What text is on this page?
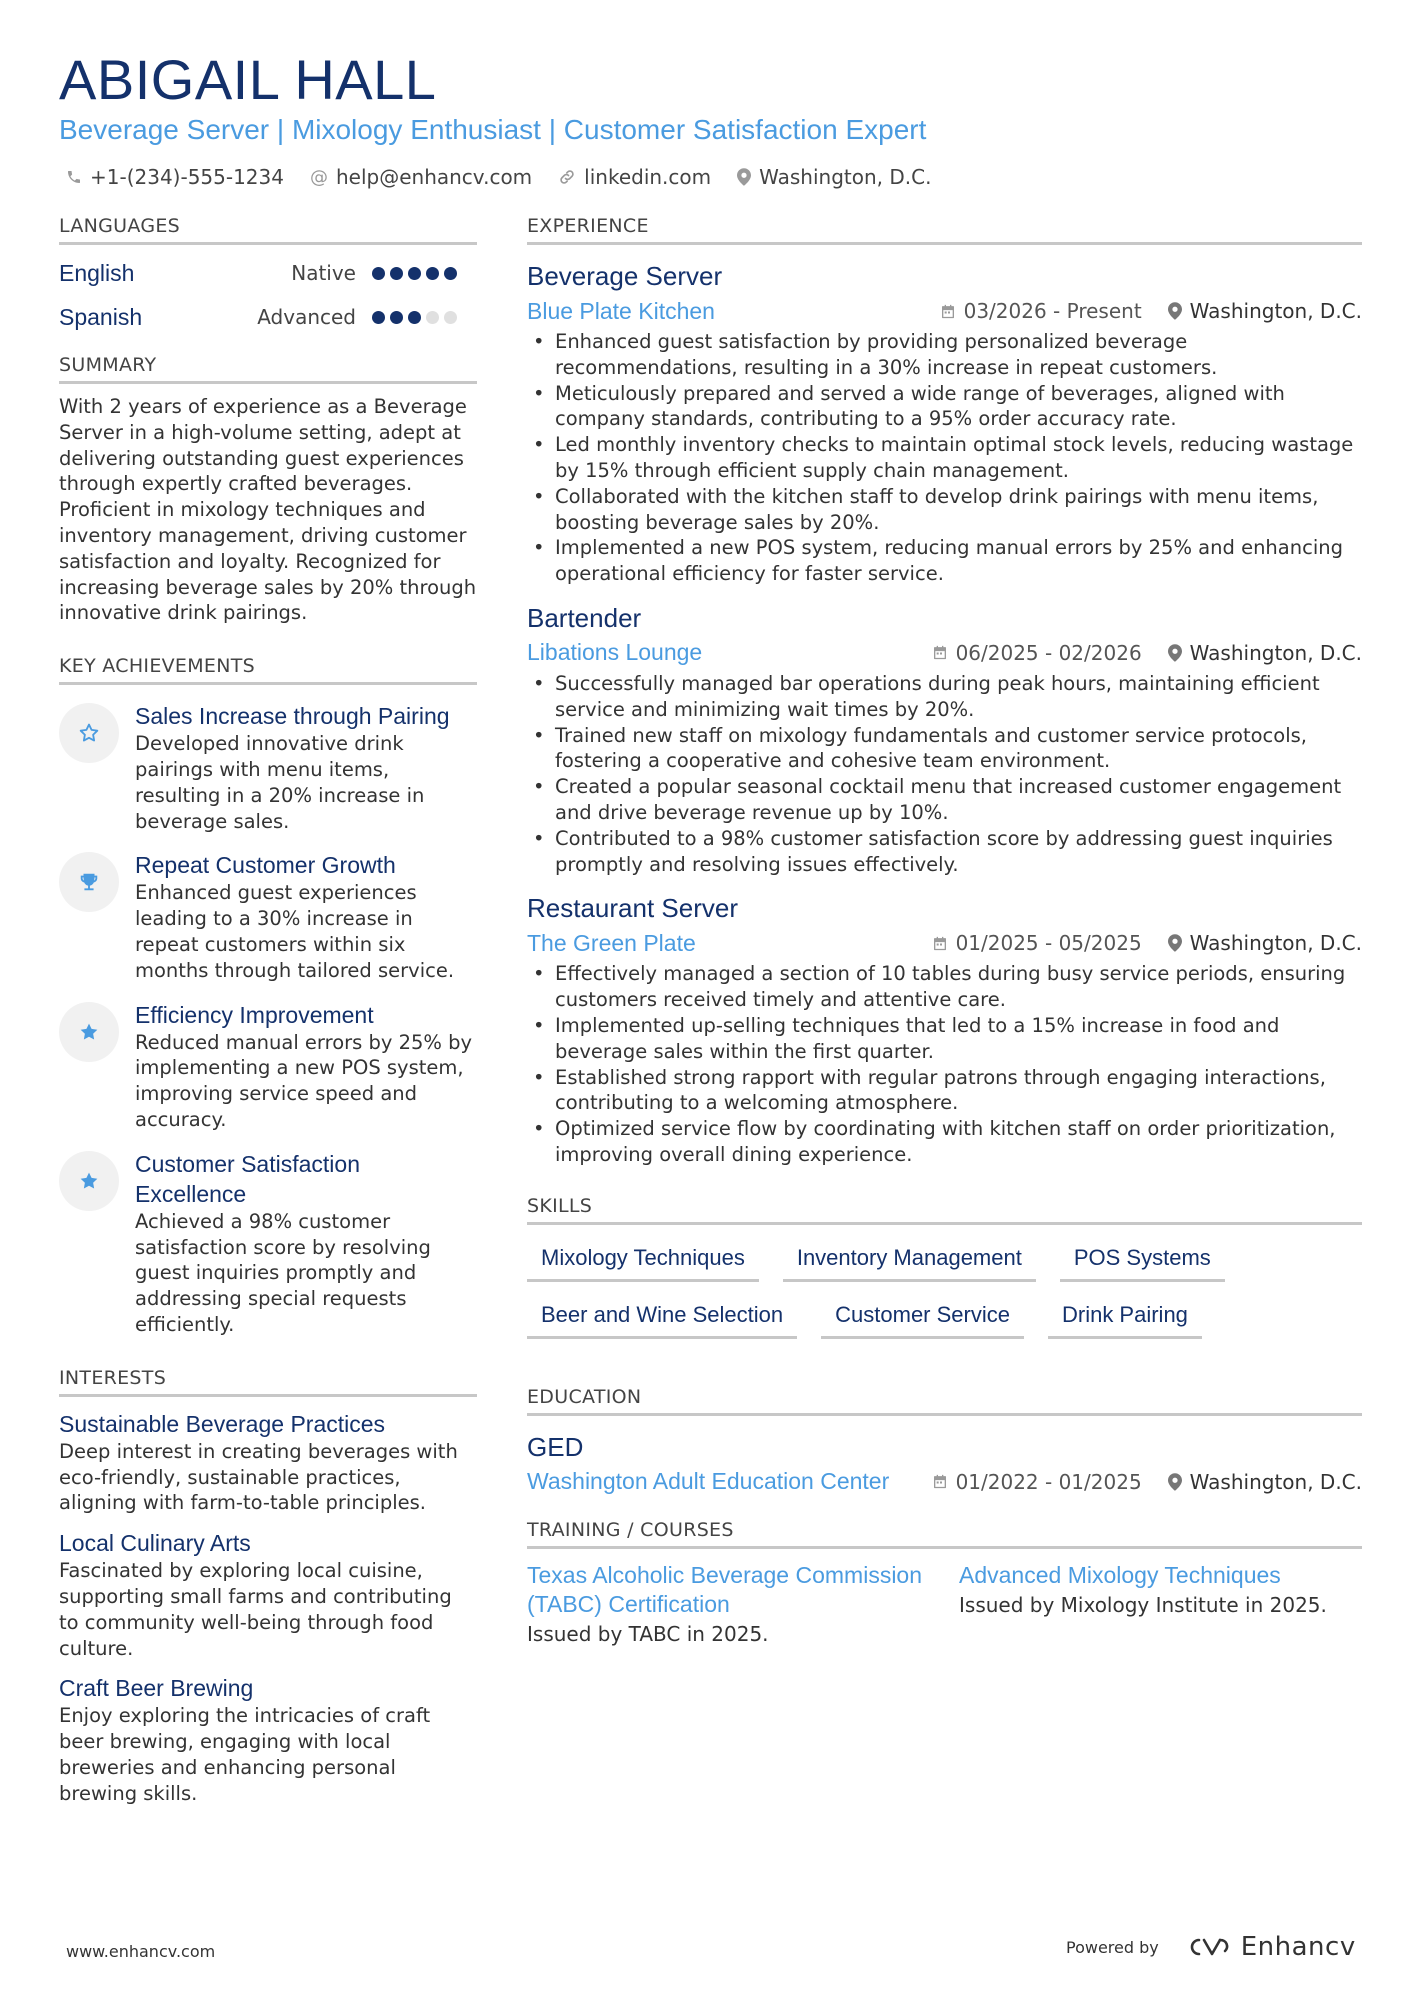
ABIGAIL HALL
Beverage Server | Mixology Enthusiast | Customer Satisfaction Expert
+1-(234)-555-1234 @ help@enhancv.com	linkedin.com Washington, D.C.
LANGUAGES
English	Native
Spanish	Advanced
SUMMARY
With 2 years of experience as a Beverage Server in a high-volume setting, adept at delivering outstanding guest experiences through expertly crafted beverages. Proficient in mixology techniques and inventory management, driving customer satisfaction and loyalty. Recognized for increasing beverage sales by 20% through innovative drink pairings.
KEY ACHIEVEMENTS
Sales Increase through Pairing
Developed innovative drink pairings with menu items, resulting in a 20% increase in beverage sales.
Repeat Customer Growth
Enhanced guest experiences leading to a 30% increase in repeat customers within six months through tailored service.
Efficiency Improvement
Reduced manual errors by 25% by implementing a new POS system, improving service speed and accuracy.
Customer Satisfaction Excellence
Achieved a 98% customer satisfaction score by resolving guest inquiries promptly and addressing special requests efficiently.
INTERESTS
Sustainable Beverage Practices
Deep interest in creating beverages with eco-friendly, sustainable practices, aligning with farm-to-table principles.
Local Culinary Arts
Fascinated by exploring local cuisine, supporting small farms and contributing to community well-being through food culture.
Craft Beer Brewing
Enjoy exploring the intricacies of craft beer brewing, engaging with local breweries and enhancing personal brewing skills.
EXPERIENCE
Beverage Server
Blue Plate Kitchen	03/2026 - Present Washington, D.C.
• Enhanced guest satisfaction by providing personalized beverage recommendations, resulting in a 30% increase in repeat customers.
• Meticulously prepared and served a wide range of beverages, aligned with company standards, contributing to a 95% order accuracy rate.
• Led monthly inventory checks to maintain optimal stock levels, reducing wastage by 15% through efficient supply chain management.
• Collaborated with the kitchen staff to develop drink pairings with menu items, boosting beverage sales by 20%.
• Implemented a new POS system, reducing manual errors by 25% and enhancing operational efficiency for faster service.
Bartender
Libations Lounge	06/2025 - 02/2026 Washington, D.C.
• Successfully managed bar operations during peak hours, maintaining efficient service and minimizing wait times by 20%.
• Trained new staff on mixology fundamentals and customer service protocols, fostering a cooperative and cohesive team environment.
• Created a popular seasonal cocktail menu that increased customer engagement and drive beverage revenue up by 10%.
• Contributed to a 98% customer satisfaction score by addressing guest inquiries promptly and resolving issues effectively.
Restaurant Server
The Green Plate	01/2025 - 05/2025 Washington, D.C.
• Effectively managed a section of 10 tables during busy service periods, ensuring customers received timely and attentive care.
• Implemented up-selling techniques that led to a 15% increase in food and beverage sales within the first quarter.
• Established strong rapport with regular patrons through engaging interactions, contributing to a welcoming atmosphere.
• Optimized service flow by coordinating with kitchen staff on order prioritization, improving overall dining experience.
SKILLS
Mixology Techniques	Inventory Management	POS Systems
Beer and Wine Selection	Customer Service	Drink Pairing
EDUCATION
GED
Washington Adult Education Center	01/2022 - 01/2025 Washington, D.C.
TRAINING / COURSES
Texas Alcoholic Beverage Commission (TABC) Certification
Issued by TABC in 2025.
Advanced Mixology Techniques
Issued by Mixology Institute in 2025.
www.enhancv.com	Powered by	Enhancv
